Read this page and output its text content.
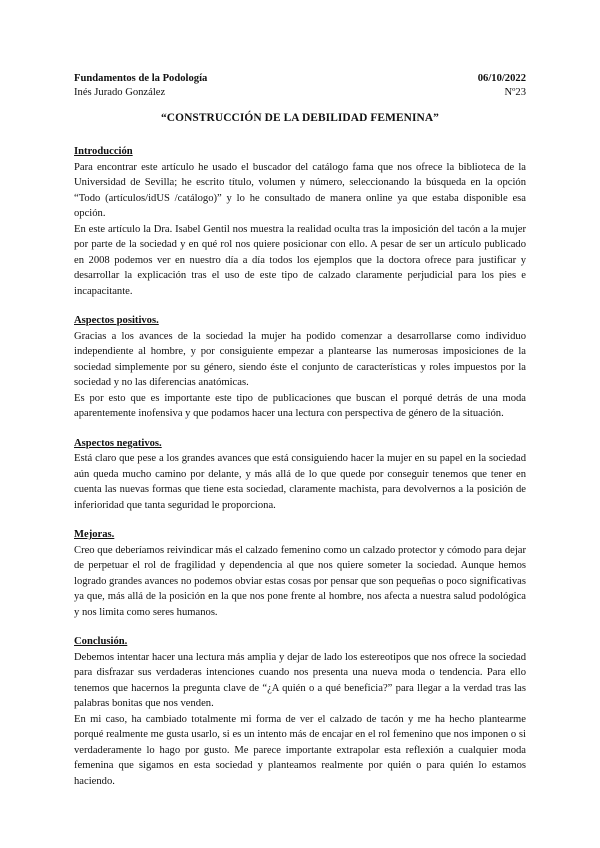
Fundamentos de la Podología	06/10/2022
Inés Jurado González	Nº23
“CONSTRUCCIÓN DE LA DEBILIDAD FEMENINA”

Introducción

Para encontrar este artículo he usado el buscador del catálogo fama que nos ofrece la biblioteca de la Universidad de Sevilla; he escrito título, volumen y número, seleccionando la búsqueda en la opción “Todo (artículos/idUS /catálogo)” y lo he consultado de manera online ya que estaba disponible esa opción.

En este artículo la Dra. Isabel Gentil nos muestra la realidad oculta tras la imposición del tacón a la mujer por parte de la sociedad y en qué rol nos quiere posicionar con ello. A pesar de ser un artículo publicado en 2008 podemos ver en nuestro día a día todos los ejemplos que la doctora ofrece para justificar y desarrollar la explicación tras el uso de este tipo de calzado claramente perjudicial para los pies e incapacitante.

Aspectos positivos.

Gracias a los avances de la sociedad la mujer ha podido comenzar a desarrollarse como individuo independiente al hombre, y por consiguiente empezar a plantearse las numerosas imposiciones de la sociedad simplemente por su género, siendo éste el conjunto de características y roles impuestos por la sociedad y no las diferencias anatómicas.

Es por esto que es importante este tipo de publicaciones que buscan el porqué detrás de una moda aparentemente inofensiva y que podamos hacer una lectura con perspectiva de género de la situación.

Aspectos negativos.

Está claro que pese a los grandes avances que está consiguiendo hacer la mujer en su papel en la sociedad aún queda mucho camino por delante, y más allá de lo que quede por conseguir tenemos que tener en cuenta las nuevas formas que tiene esta sociedad, claramente machista, para devolvernos a la posición de inferioridad que tanta seguridad le proporciona.

Mejoras.

Creo que deberíamos reivindicar más el calzado femenino como un calzado protector y cómodo para dejar de perpetuar el rol de fragilidad y dependencia al que nos quiere someter la sociedad. Aunque hemos logrado grandes avances no podemos obviar estas cosas por pensar que son pequeñas o poco significativas ya que, más allá de la posición en la que nos pone frente al hombre, nos afecta a nuestra salud podológica y nos limita como seres humanos.

Conclusión.

Debemos intentar hacer una lectura más amplia y dejar de lado los estereotipos que nos ofrece la sociedad para disfrazar sus verdaderas intenciones cuando nos presenta una nueva moda o tendencia. Para ello tenemos que hacernos la pregunta clave de “¿A quién o a qué beneficia?” para llegar a la verdad tras las palabras bonitas que nos venden.

En mi caso, ha cambiado totalmente mi forma de ver el calzado de tacón y me ha hecho plantearme porqué realmente me gusta usarlo, si es un intento más de encajar en el rol femenino que nos imponen o si verdaderamente lo hago por gusto. Me parece importante extrapolar esta reflexión a cualquier moda femenina que sigamos en esta sociedad y planteamos realmente por quién o para quién lo estamos haciendo.
